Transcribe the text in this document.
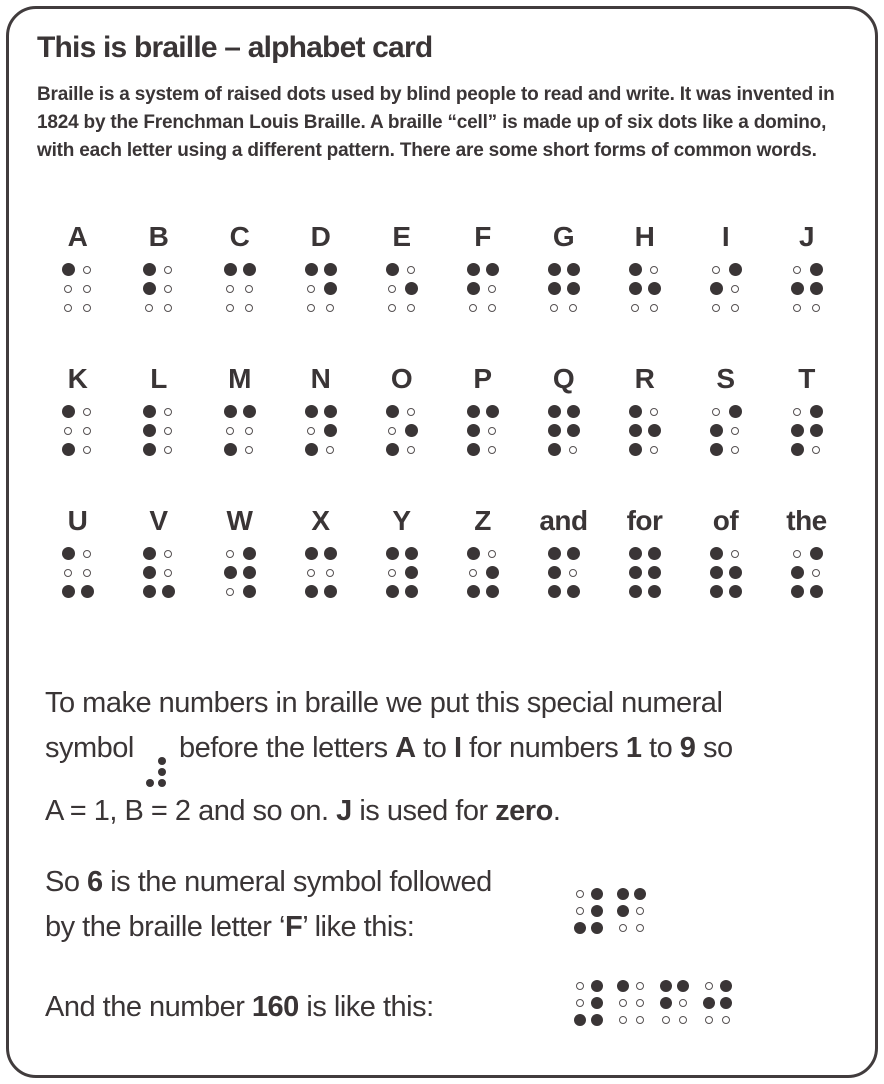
This is braille – alphabet card

Braille is a system of raised dots used by blind people to read and write. It was invented in 1824 by the Frenchman Louis Braille. A braille “cell” is made up of six dots like a domino, with each letter using a different pattern. There are some short forms of common words.

A B C D E F G H I J
K L M N O P Q R S T
U V W X Y Z and for of the

To make numbers in braille we put this special numeral
symbol
before the letters A to I for numbers 1 to 9 so
A = 1, B = 2 and so on. J is used for zero.

So 6 is the numeral symbol followed
by the braille letter ‘F’ like this:

And the number 160 is like this:
